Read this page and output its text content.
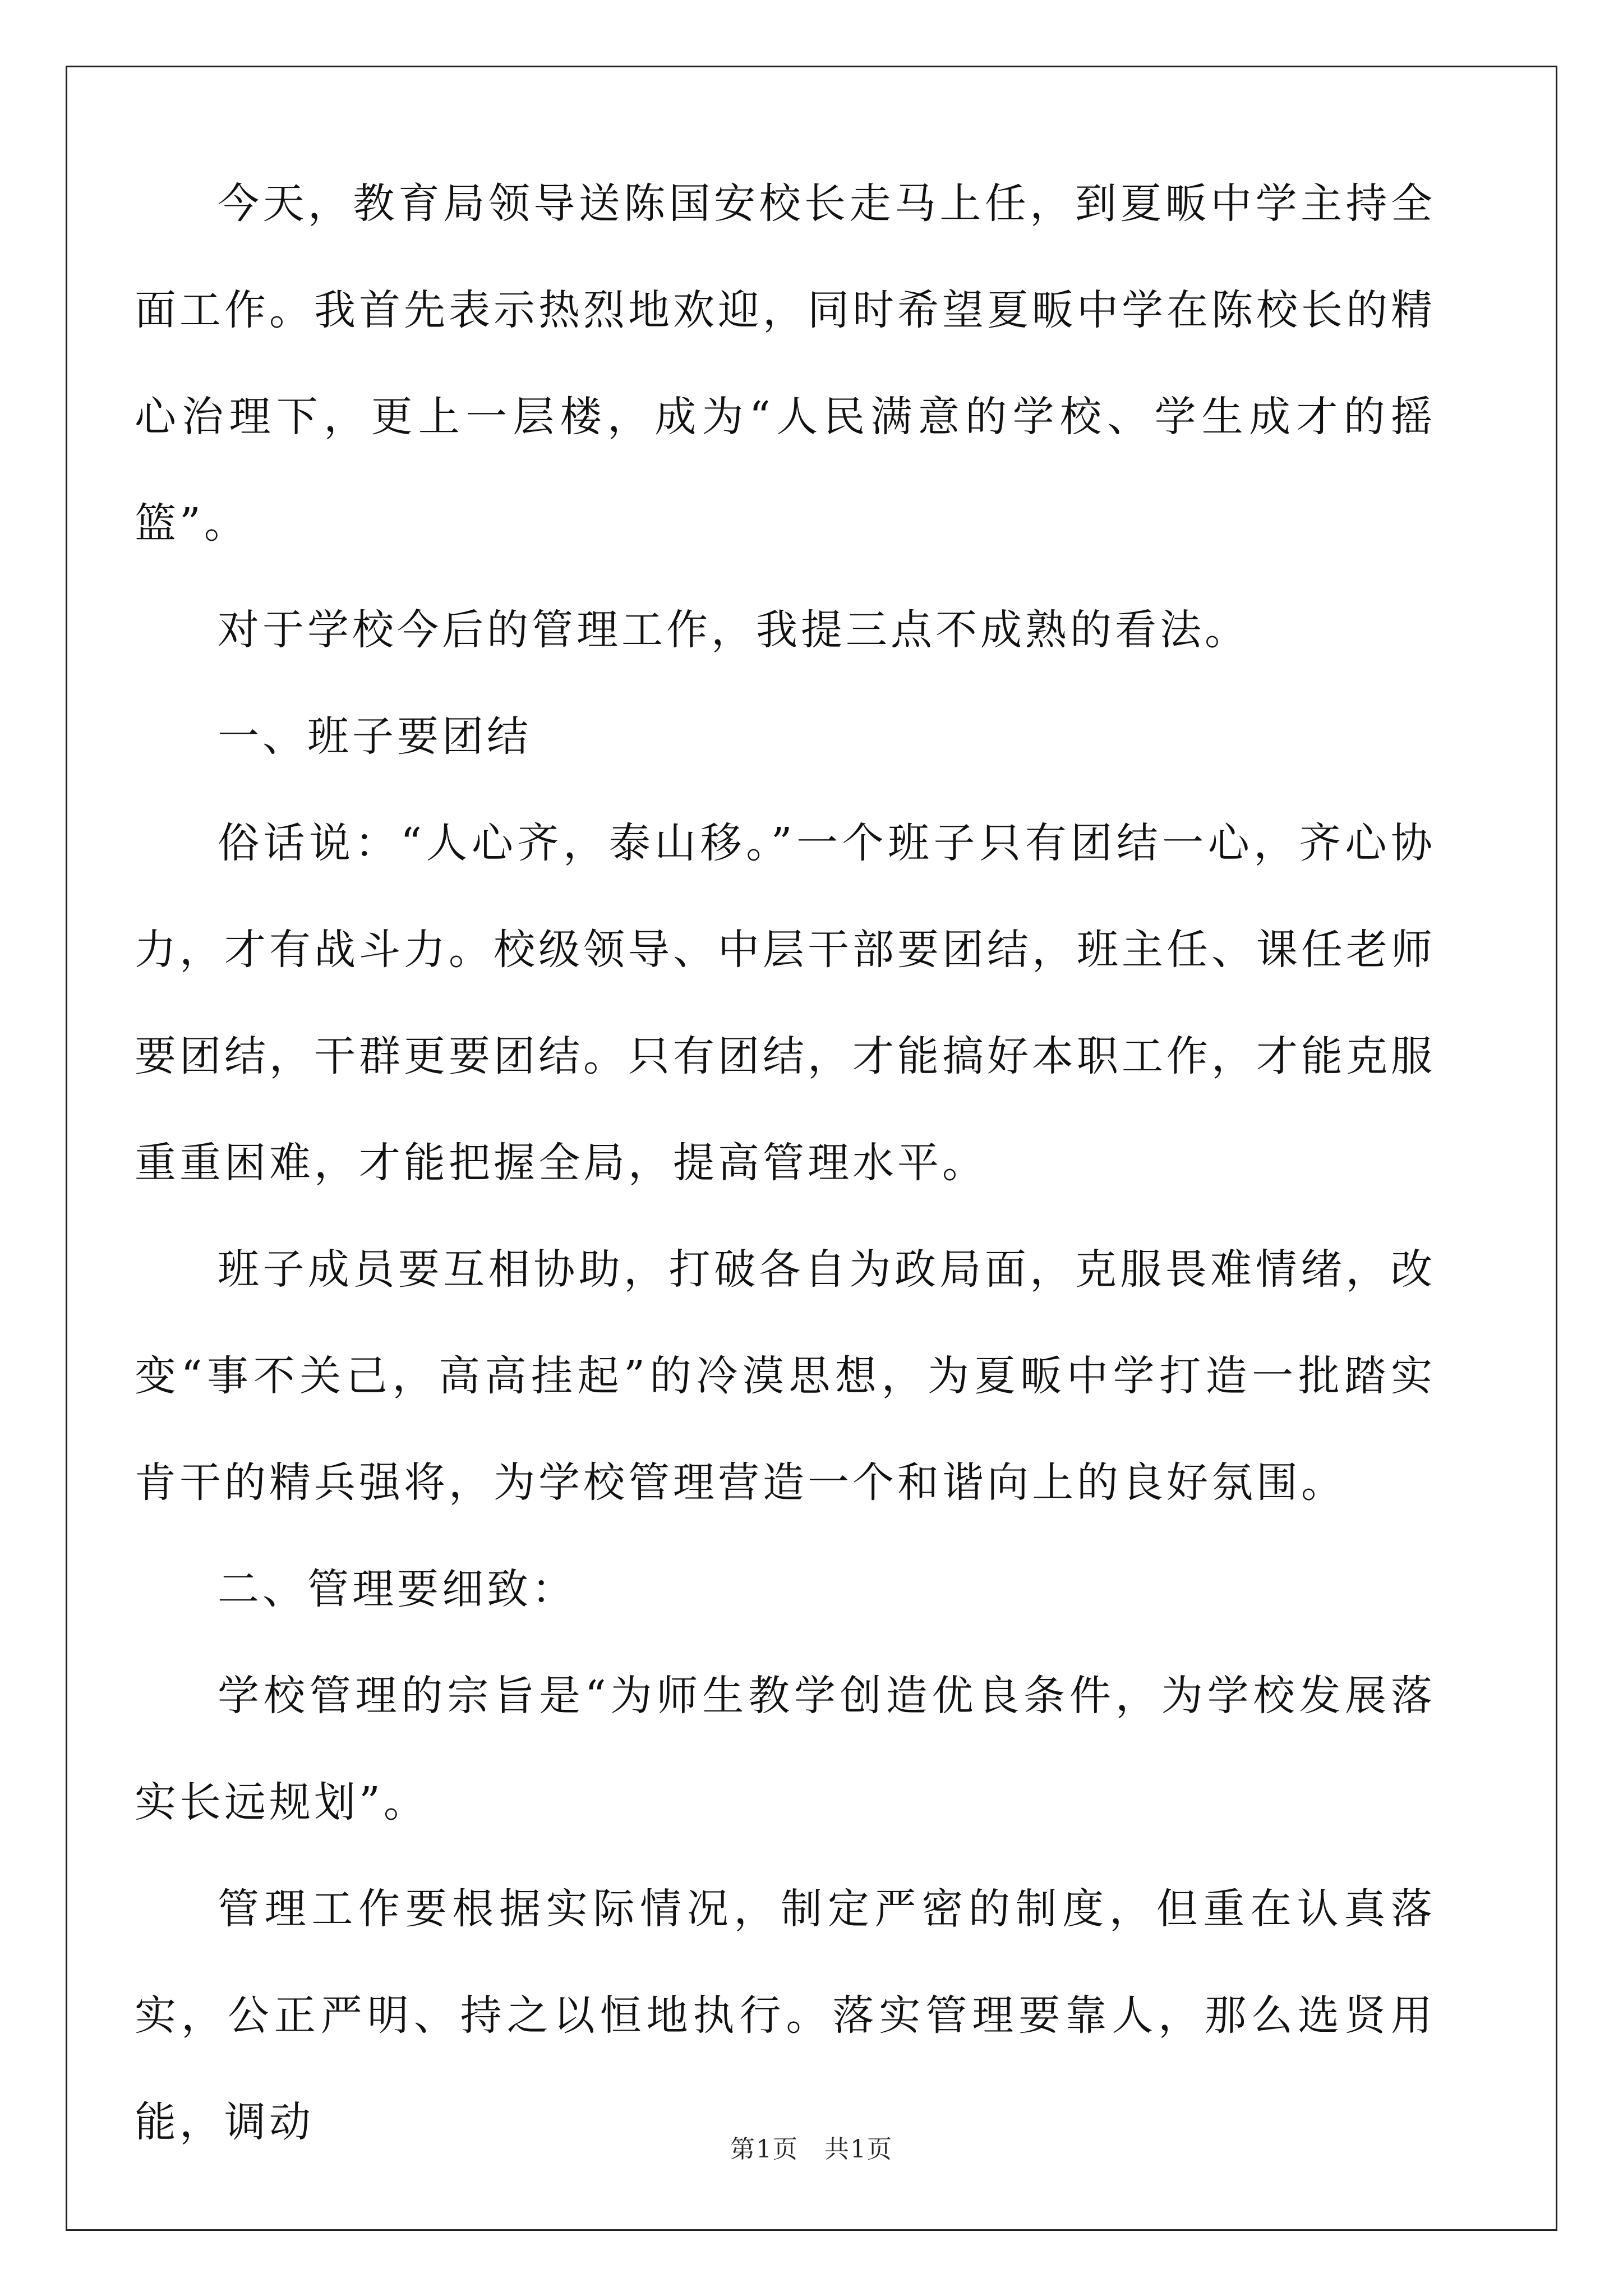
今天，教育局领导送陈国安校长走马上任，到夏畈中学主持全面工作。我首先表示热烈地欢迎，同时希望夏畈中学在陈校长的精心治理下，更上一层楼，成为“人民满意的学校、学生成才的摇篮”。

对于学校今后的管理工作，我提三点不成熟的看法。

一、班子要团结

俗话说：“人心齐，泰山移。”一个班子只有团结一心，齐心协力，才有战斗力。校级领导、中层干部要团结，班主任、课任老师要团结，干群更要团结。只有团结，才能搞好本职工作，才能克服重重困难，才能把握全局，提高管理水平。

班子成员要互相协助，打破各自为政局面，克服畏难情绪，改变“事不关己，高高挂起”的冷漠思想，为夏畈中学打造一批踏实肯干的精兵强将，为学校管理营造一个和谐向上的良好氛围。

二、管理要细致：

学校管理的宗旨是“为师生教学创造优良条件，为学校发展落实长远规划”。

管理工作要根据实际情况，制定严密的制度，但重在认真落实，公正严明、持之以恒地执行。落实管理要靠人，那么选贤用能，调动

第1页　共1页
